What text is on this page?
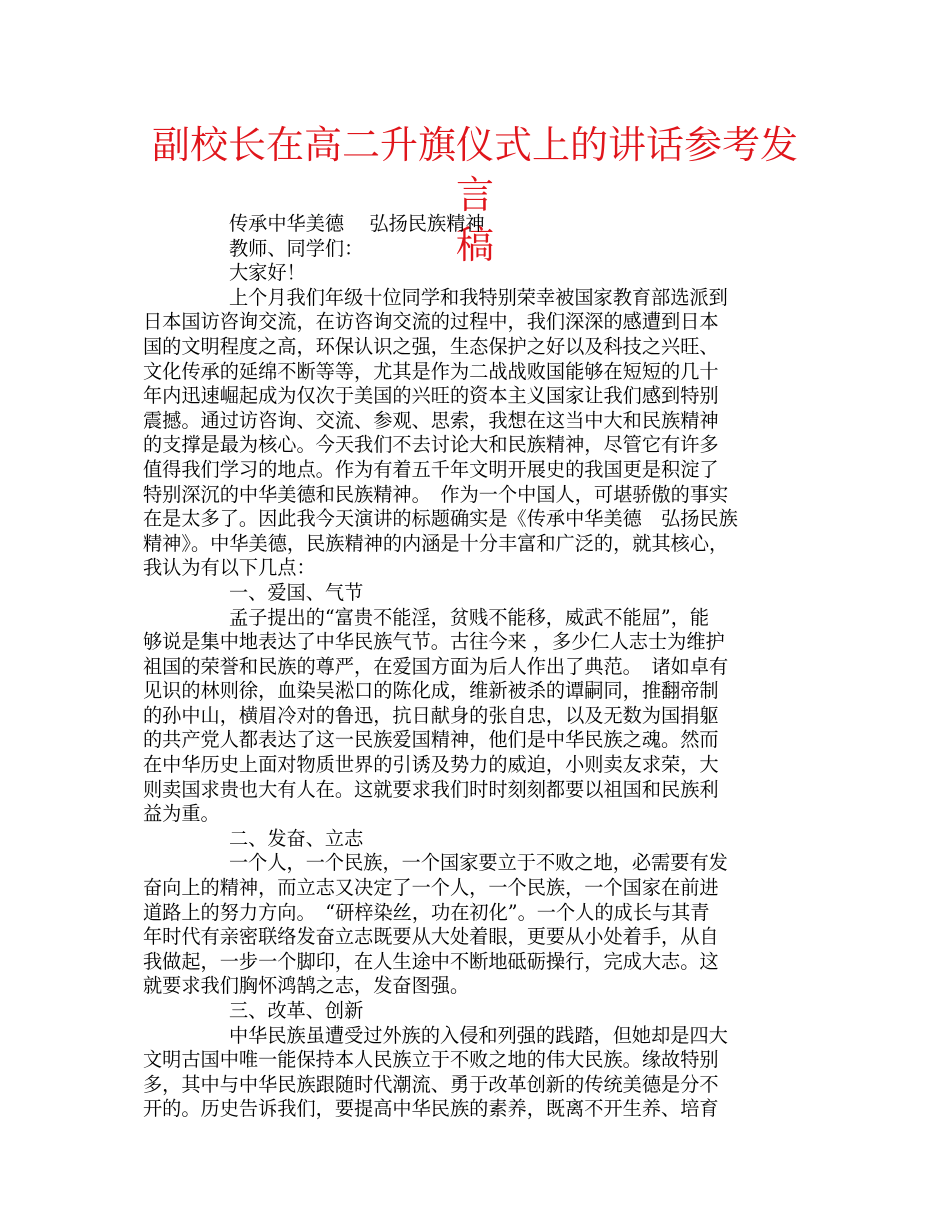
副校长在高二升旗仪式上的讲话参考发言
稿

传承中华美德　 弘扬民族精神

教师、同学们：

大家好！

上个月我们年级十位同学和我特别荣幸被国家教育部选派到

日本国访咨询交流，在访咨询交流的过程中，我们深深的感遭到日本

国的文明程度之高，环保认识之强，生态保护之好以及科技之兴旺、

文化传承的延绵不断等等，尤其是作为二战战败国能够在短短的几十

年内迅速崛起成为仅次于美国的兴旺的资本主义国家让我们感到特别

震撼。通过访咨询、交流、参观、思索，我想在这当中大和民族精神

的支撑是最为核心。今天我们不去讨论大和民族精神，尽管它有许多

值得我们学习的地点。作为有着五千年文明开展史的我国更是积淀了

特别深沉的中华美德和民族精神。　作为一个中国人，可堪骄傲的事实

在是太多了。因此我今天演讲的标题确实是《传承中华美德　弘扬民族

精神》。中华美德，民族精神的内涵是十分丰富和广泛的，就其核心，

我认为有以下几点：

一、爱国、气节

孟子提出的“富贵不能淫，贫贱不能移，威武不能屈”，能

够说是集中地表达了中华民族气节。古往今来 ，多少仁人志士为维护

祖国的荣誉和民族的尊严，在爱国方面为后人作出了典范。　诸如卓有

见识的林则徐，血染吴淞口的陈化成，维新被杀的谭嗣同，推翻帝制

的孙中山，横眉冷对的鲁迅，抗日献身的张自忠，以及无数为国捐躯

的共产党人都表达了这一民族爱国精神，他们是中华民族之魂。然而

在中华历史上面对物质世界的引诱及势力的威迫，小则卖友求荣，大

则卖国求贵也大有人在。这就要求我们时时刻刻都要以祖国和民族利

益为重。

二、发奋、立志

一个人，一个民族，一个国家要立于不败之地，必需要有发

奋向上的精神，而立志又决定了一个人，一个民族，一个国家在前进

道路上的努力方向。　“研梓染丝，功在初化”。一个人的成长与其青

年时代有亲密联络发奋立志既要从大处着眼，更要从小处着手，从自

我做起，一步一个脚印，在人生途中不断地砥砺操行，完成大志。这

就要求我们胸怀鸿鹄之志，发奋图强。

三、改革、创新

中华民族虽遭受过外族的入侵和列强的践踏，但她却是四大

文明古国中唯一能保持本人民族立于不败之地的伟大民族。缘故特别

多，其中与中华民族跟随时代潮流、勇于改革创新的传统美德是分不

开的。历史告诉我们，要提高中华民族的素养，既离不开生养、培育
